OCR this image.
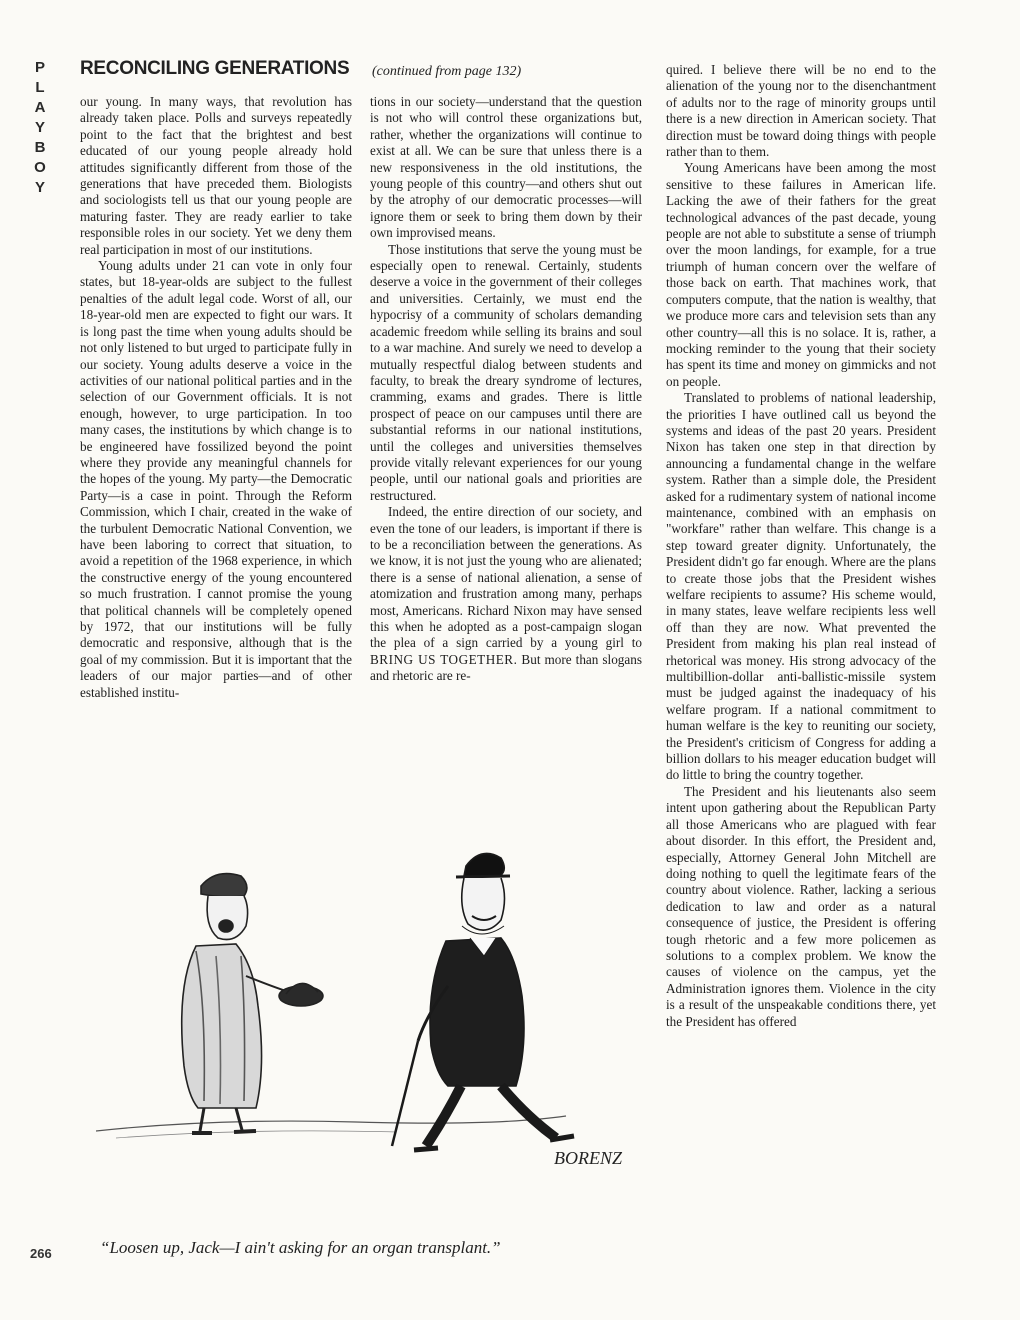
P
L
A
Y
B
O
Y
RECONCILING GENERATIONS (continued from page 132)

our young. In many ways, that revolution has already taken place. Polls and surveys repeatedly point to the fact that the brightest and best educated of our young people already hold attitudes significantly different from those of the generations that have preceded them. Biologists and sociologists tell us that our young people are maturing faster. They are ready earlier to take responsible roles in our society. Yet we deny them real participation in most of our institutions.

Young adults under 21 can vote in only four states, but 18-year-olds are subject to the fullest penalties of the adult legal code. Worst of all, our 18-year-old men are expected to fight our wars. It is long past the time when young adults should be not only listened to but urged to participate fully in our society. Young adults deserve a voice in the activities of our national political parties and in the selection of our Government officials. It is not enough, however, to urge participation. In too many cases, the institutions by which change is to be engineered have fossilized beyond the point where they provide any meaningful channels for the hopes of the young. My party—the Democratic Party—is a case in point. Through the Reform Commission, which I chair, created in the wake of the turbulent Democratic National Convention, we have been laboring to correct that situation, to avoid a repetition of the 1968 experience, in which the constructive energy of the young encountered so much frustration. I cannot promise the young that political channels will be completely opened by 1972, that our institutions will be fully democratic and responsive, although that is the goal of my commission. But it is important that the leaders of our major parties—and of other established institu-

tions in our society—understand that the question is not who will control these organizations but, rather, whether the organizations will continue to exist at all. We can be sure that unless there is a new responsiveness in the old institutions, the young people of this country—and others shut out by the atrophy of our democratic processes—will ignore them or seek to bring them down by their own improvised means.

Those institutions that serve the young must be especially open to renewal. Certainly, students deserve a voice in the government of their colleges and universities. Certainly, we must end the hypocrisy of a community of scholars demanding academic freedom while selling its brains and soul to a war machine. And surely we need to develop a mutually respectful dialog between students and faculty, to break the dreary syndrome of lectures, cramming, exams and grades. There is little prospect of peace on our campuses until there are substantial reforms in our national institutions, until the colleges and universities themselves provide vitally relevant experiences for our young people, until our national goals and priorities are restructured.

Indeed, the entire direction of our society, and even the tone of our leaders, is important if there is to be a reconciliation between the generations. As we know, it is not just the young who are alienated; there is a sense of national alienation, a sense of atomization and frustration among many, perhaps most, Americans. Richard Nixon may have sensed this when he adopted as a post-campaign slogan the plea of a sign carried by a young girl to BRING US TOGETHER. But more than slogans and rhetoric are re-

quired. I believe there will be no end to the alienation of the young nor to the disenchantment of adults nor to the rage of minority groups until there is a new direction in American society. That direction must be toward doing things with people rather than to them.

Young Americans have been among the most sensitive to these failures in American life. Lacking the awe of their fathers for the great technological advances of the past decade, young people are not able to substitute a sense of triumph over the moon landings, for example, for a true triumph of human concern over the welfare of those back on earth. That machines work, that computers compute, that the nation is wealthy, that we produce more cars and television sets than any other country—all this is no solace. It is, rather, a mocking reminder to the young that their society has spent its time and money on gimmicks and not on people.

Translated to problems of national leadership, the priorities I have outlined call us beyond the systems and ideas of the past 20 years. President Nixon has taken one step in that direction by announcing a fundamental change in the welfare system. Rather than a simple dole, the President asked for a rudimentary system of national income maintenance, combined with an emphasis on "workfare" rather than welfare. This change is a step toward greater dignity. Unfortunately, the President didn't go far enough. Where are the plans to create those jobs that the President wishes welfare recipients to assume? His scheme would, in many states, leave welfare recipients less well off than they are now. What prevented the President from making his plan real instead of rhetorical was money. His strong advocacy of the multibillion-dollar anti-ballistic-missile system must be judged against the inadequacy of his welfare program. If a national commitment to human welfare is the key to reuniting our society, the President's criticism of Congress for adding a billion dollars to his meager education budget will do little to bring the country together.

The President and his lieutenants also seem intent upon gathering about the Republican Party all those Americans who are plagued with fear about disorder. In this effort, the President and, especially, Attorney General John Mitchell are doing nothing to quell the legitimate fears of the country about violence. Rather, lacking a serious dedication to law and order as a natural consequence of justice, the President is offering tough rhetoric and a few more policemen as solutions to a complex problem. We know the causes of violence on the campus, yet the Administration ignores them. Violence in the city is a result of the unspeakable conditions there, yet the President has offered

BORENZ
“Loosen up, Jack—I ain't asking for an organ transplant.”
266
